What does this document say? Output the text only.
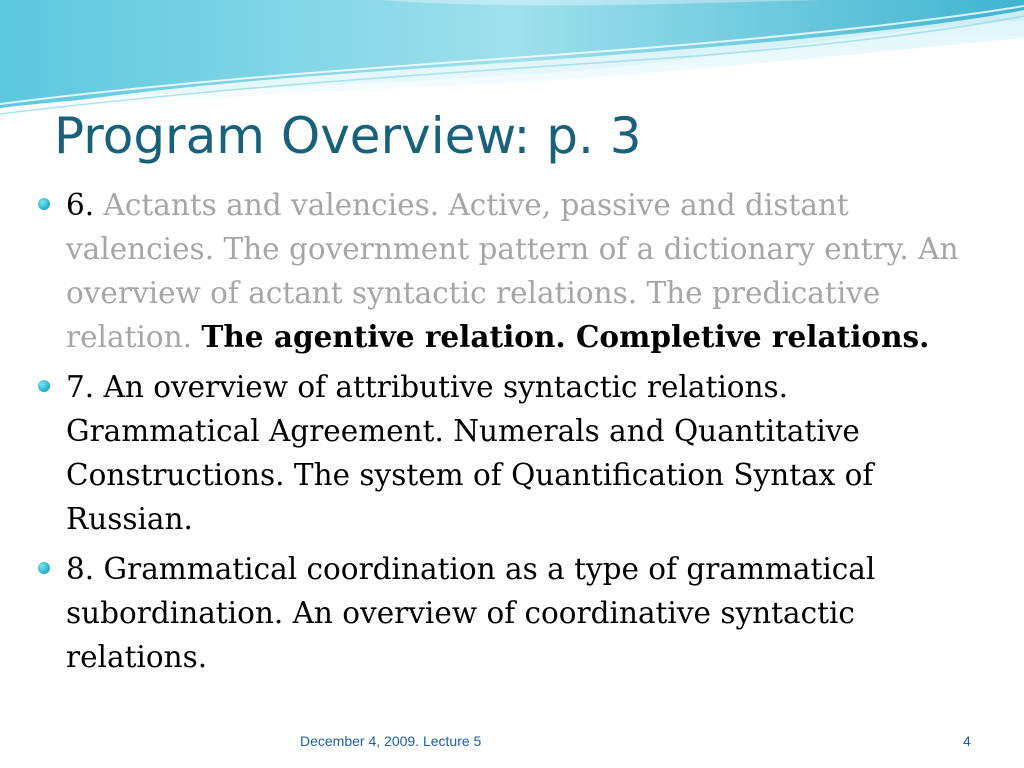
Program Overview: p. 3
6. Actants and valencies. Active, passive and distant valencies. The government pattern of a dictionary entry. An overview of actant syntactic relations. The predicative relation. The agentive relation. Completive relations.
7. An overview of attributive syntactic relations. Grammatical Agreement. Numerals and Quantitative Constructions. The system of Quantification Syntax of Russian.
8. Grammatical coordination as a type of grammatical subordination. An overview of coordinative syntactic relations.
December 4, 2009. Lecture 5	4
